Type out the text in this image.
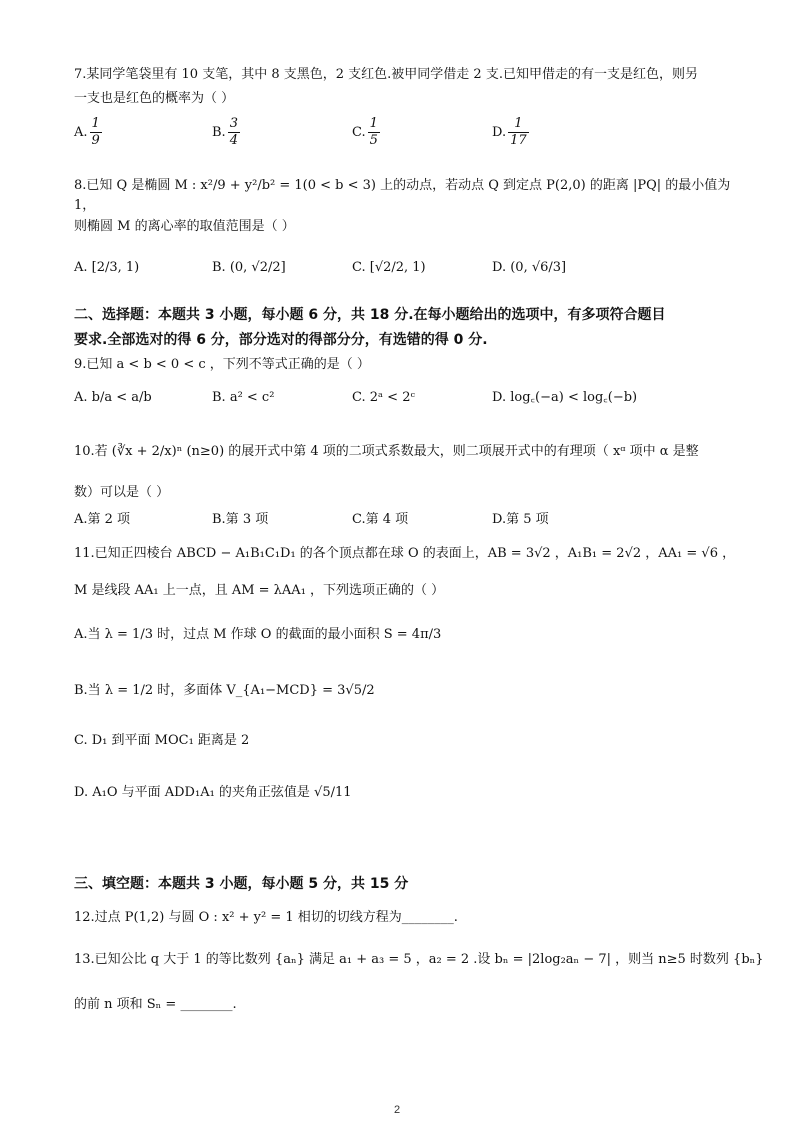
7.某同学笔袋里有 10 支笔，其中 8 支黑色，2 支红色.被甲同学借走 2 支.已知甲借走的有一支是红色，则另
一支也是红色的概率为（ ）
A. $\frac{1}{9}$	B. $\frac{3}{4}$	C. $\frac{1}{5}$	D. $\frac{1}{17}$
8.已知 Q 是椭圆 M : x²/9 + y²/b² = 1(0 < b < 3) 上的动点，若动点 Q 到定点 P(2,0) 的距离 |PQ| 的最小值为 1，
则椭圆 M 的离心率的取值范围是（ ）
A. [2/3, 1)	B. (0, √2/2]	C. [√2/2, 1)	D. (0, √6/3]
二、选择题：本题共 3 小题，每小题 6 分，共 18 分.在每小题给出的选项中，有多项符合题目
要求.全部选对的得 6 分，部分选对的得部分分，有选错的得 0 分.
9.已知 a < b < 0 < c ，下列不等式正确的是（ ）
A. b/a < a/b	B. a² < c²	C. 2ᵃ < 2ᶜ	D. log꜀(−a) < log꜀(−b)
10.若 (∛x + 2/x)ⁿ (n≥0) 的展开式中第 4 项的二项式系数最大，则二项展开式中的有理项（ xᵅ 项中 α 是整
数）可以是（ ）
A.第 2 项	B.第 3 项	C.第 4 项	D.第 5 项
11.已知正四棱台 ABCD − A₁B₁C₁D₁ 的各个顶点都在球 O 的表面上，AB = 3√2 ，A₁B₁ = 2√2 ，AA₁ = √6 ，
M 是线段 AA₁ 上一点，且 AM = λAA₁ ，下列选项正确的（ ）
A.当 λ = 1/3 时，过点 M 作球 O 的截面的最小面积 S = 4π/3
B.当 λ = 1/2 时，多面体 V_{A₁−MCD} = 3√5/2
C. D₁ 到平面 MOC₁ 距离是 2
D. A₁O 与平面 ADD₁A₁ 的夹角正弦值是 √5/11
三、填空题：本题共 3 小题，每小题 5 分，共 15 分
12.过点 P(1,2) 与圆 O : x² + y² = 1 相切的切线方程为________.
13.已知公比 q 大于 1 的等比数列 {aₙ} 满足 a₁ + a₃ = 5 ，a₂ = 2 .设 bₙ = |2log₂aₙ − 7| ，则当 n≥5 时数列 {bₙ}
的前 n 项和 Sₙ = ________.
2
